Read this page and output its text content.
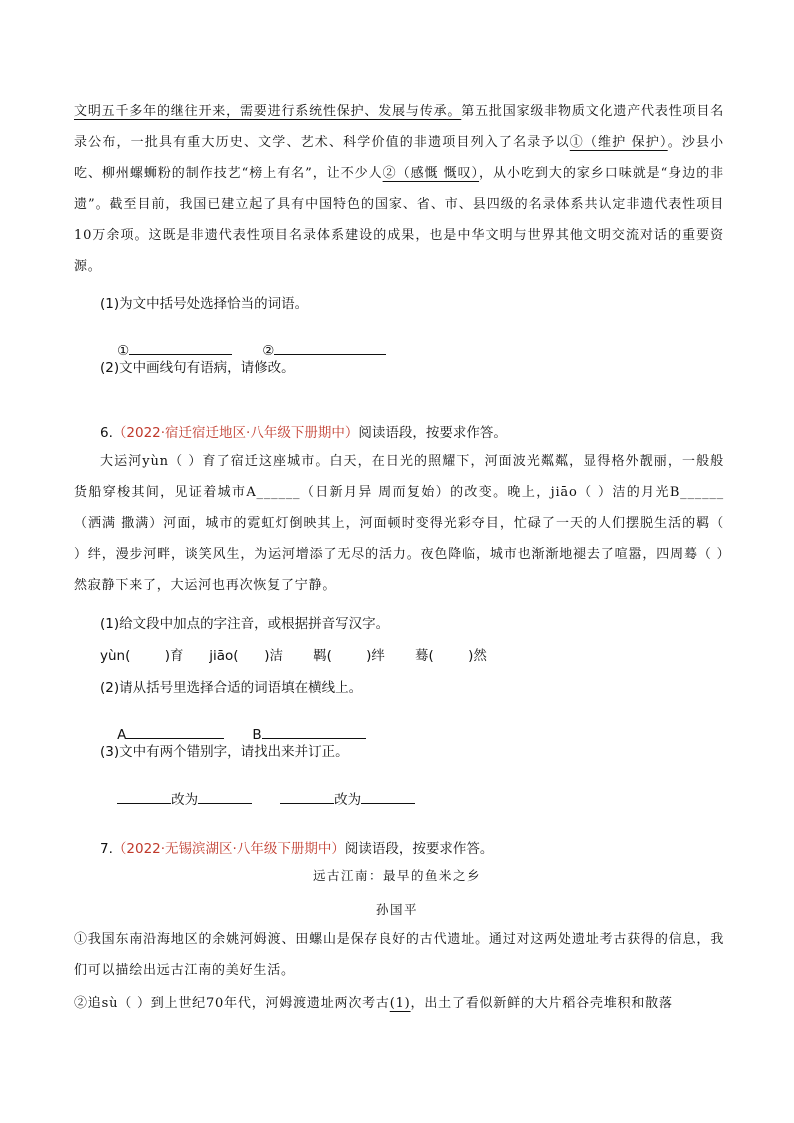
文明五千多年的继往开来，需要进行系统性保护、发展与传承。第五批国家级非物质文化遗产代表性项目名录公布，一批具有重大历史、文学、艺术、科学价值的非遗项目列入了名录予以①（维护 保护）。沙县小吃、柳州螺蛳粉的制作技艺“榜上有名”，让不少人②（感慨 慨叹），从小吃到大的家乡口味就是“身边的非遗”。截至目前，我国已建立起了具有中国特色的国家、省、市、县四级的名录体系共认定非遗代表性项目10万余项。这既是非遗代表性项目名录体系建设的成果，也是中华文明与世界其他文明交流对话的重要资源。
(1)为文中括号处选择恰当的词语。

①	②

(2)文中画线句有语病，请修改。
6.（2022·宿迁宿迁地区·八年级下册期中）阅读语段，按要求作答。
大运河yùn（ ）育了宿迁这座城市。白天，在日光的照耀下，河面波光粼粼，显得格外靓丽，一般般货船穿梭其间，见证着城市A______（日新月异 周而复始）的改变。晚上，jiāo（ ）洁的月光B______（洒满 撒满）河面，城市的霓虹灯倒映其上，河面顿时变得光彩夺目，忙碌了一天的人们摆脱生活的羁（ ）绊，漫步河畔，谈笑风生，为运河增添了无尽的活力。夜色降临，城市也渐渐地褪去了喧嚣，四周蓦（ ）然寂静下来了，大运河也再次恢复了宁静。
(1)给文段中加点的字注音，或根据拼音写汉字。
yùn(        )育      jiāo(      )洁       羁(        )绊       蓦(        )然
(2)请从括号里选择合适的词语填在横线上。

A	B

(3)文中有两个错别字，请找出来并订正。

改为	改为

7.（2022·无锡滨湖区·八年级下册期中）阅读语段，按要求作答。
远古江南：最早的鱼米之乡
孙国平
①我国东南沿海地区的余姚河姆渡、田螺山是保存良好的古代遗址。通过对这两处遗址考古获得的信息，我们可以描绘出远古江南的美好生活。
②追sù（ ）到上世纪70年代，河姆渡遗址两次考古(1)，出土了看似新鲜的大片稻谷壳堆积和散落
